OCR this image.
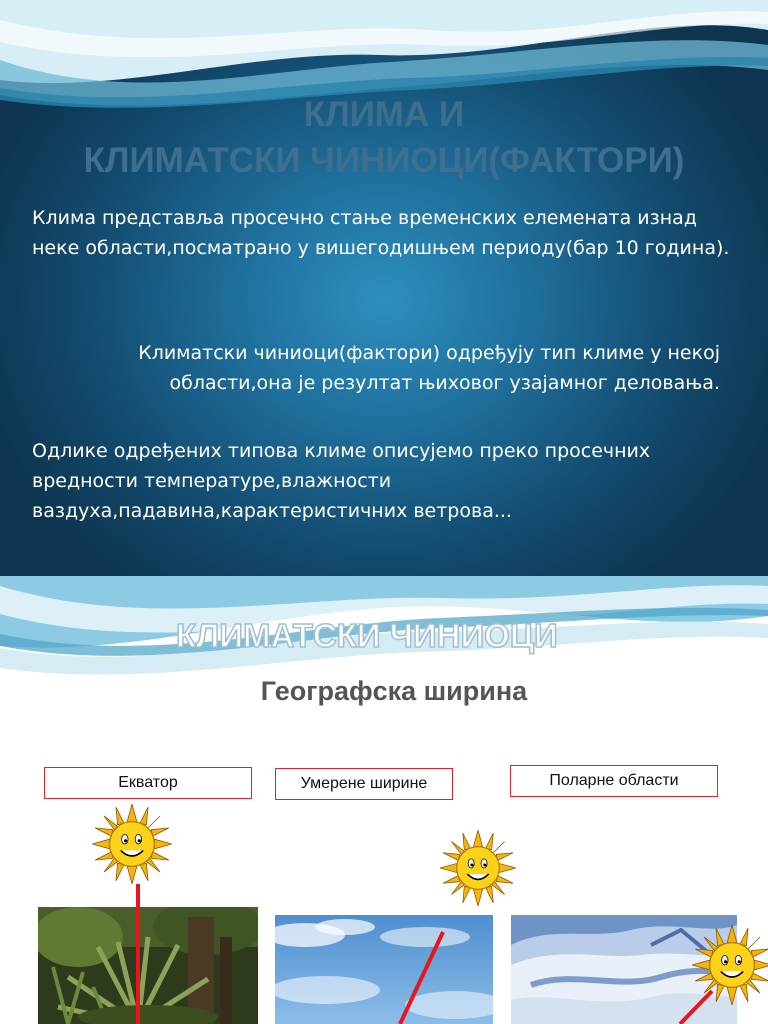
КЛИМА И
КЛИМАТСКИ ЧИНИОЦИ(ФАКТОРИ)
Клима представља просечно стање временских елемената изнад неке области,посматрано у вишегодишњем периоду(бар 10 година).
Климатски чиниоци(фактори) одређују тип климе у некој области,она је резултат њиховог узајамног деловања.
Одлике одређених типова климе описујемо преко просечних вредности температуре,влажности ваздуха,падавина,карактеристичних ветрова...
КЛИМАТСКИ ЧИНИОЦИ
Географска ширина
Екватор	Умерене ширине	Поларне области
